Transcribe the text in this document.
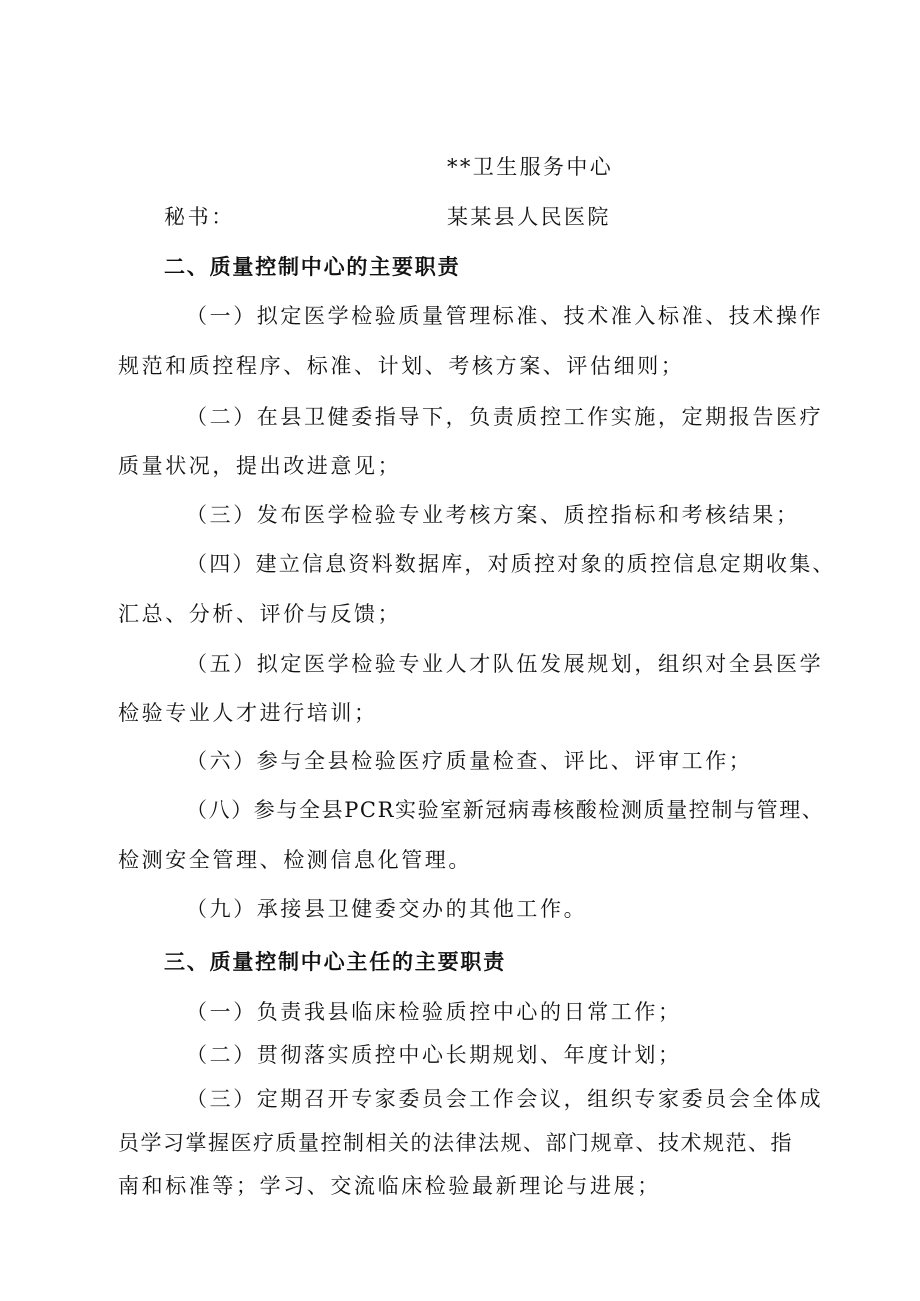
**卫生服务中心
秘书：	某某县人民医院
二、质量控制中心的主要职责
（一）拟定医学检验质量管理标准、技术准入标准、技术操作
规范和质控程序、标准、计划、考核方案、评估细则；
（二）在县卫健委指导下，负责质控工作实施，定期报告医疗
质量状况，提出改进意见；
（三）发布医学检验专业考核方案、质控指标和考核结果；
（四）建立信息资料数据库，对质控对象的质控信息定期收集、
汇总、分析、评价与反馈；
（五）拟定医学检验专业人才队伍发展规划，组织对全县医学
检验专业人才进行培训；
（六）参与全县检验医疗质量检查、评比、评审工作；
（八）参与全县PCR实验室新冠病毒核酸检测质量控制与管理、
检测安全管理、检测信息化管理。
（九）承接县卫健委交办的其他工作。
三、质量控制中心主任的主要职责
（一）负责我县临床检验质控中心的日常工作；
（二）贯彻落实质控中心长期规划、年度计划；
（三）定期召开专家委员会工作会议，组织专家委员会全体成
员学习掌握医疗质量控制相关的法律法规、部门规章、技术规范、指
南和标准等；学习、交流临床检验最新理论与进展；
